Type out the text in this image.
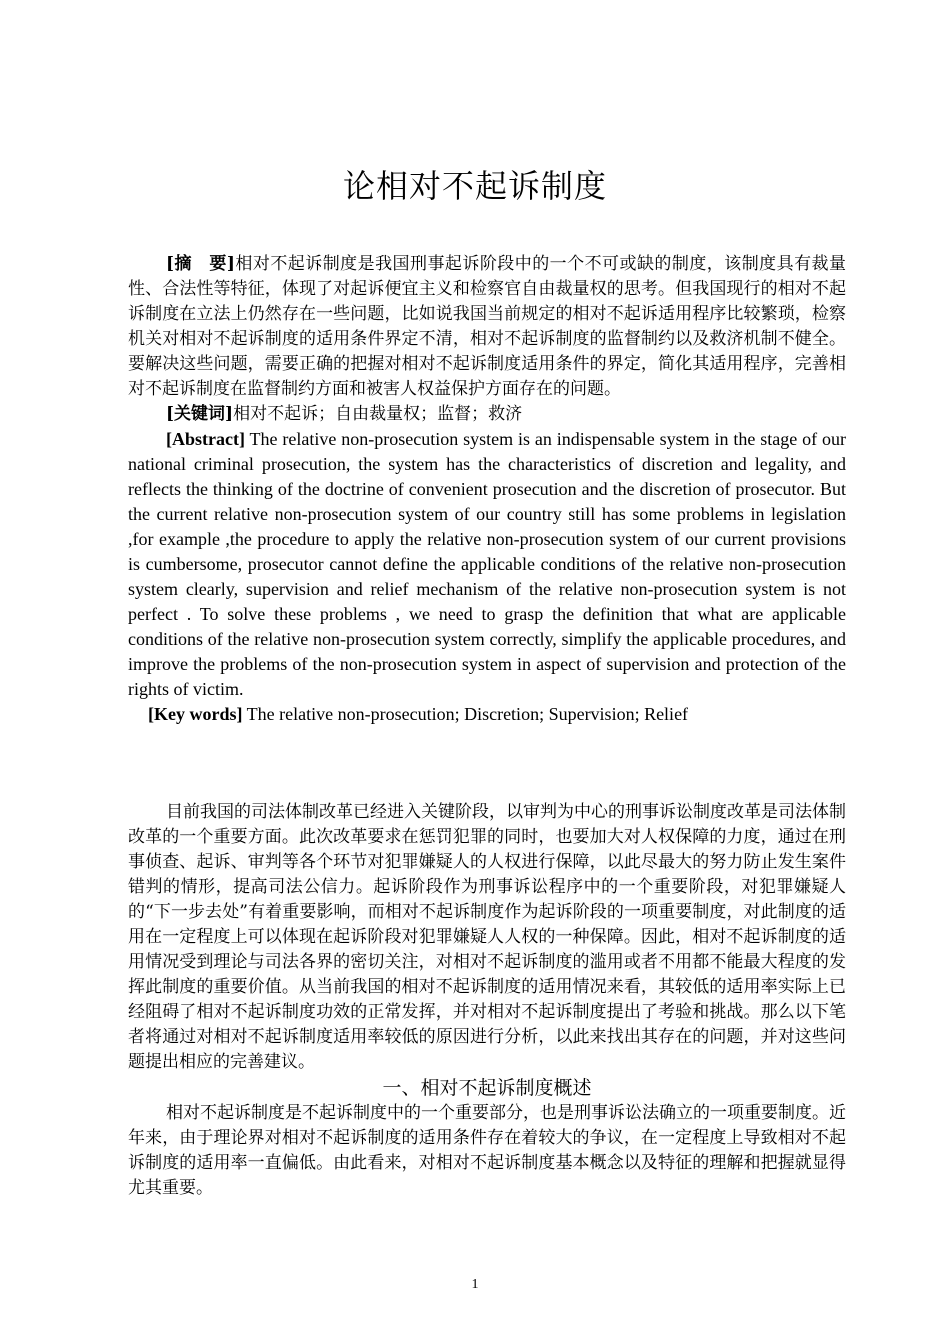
论相对不起诉制度

[摘　要]相对不起诉制度是我国刑事起诉阶段中的一个不可或缺的制度，该制度具有裁量性、合法性等特征，体现了对起诉便宜主义和检察官自由裁量权的思考。但我国现行的相对不起诉制度在立法上仍然存在一些问题，比如说我国当前规定的相对不起诉适用程序比较繁琐，检察机关对相对不起诉制度的适用条件界定不清，相对不起诉制度的监督制约以及救济机制不健全。要解决这些问题，需要正确的把握对相对不起诉制度适用条件的界定，简化其适用程序，完善相对不起诉制度在监督制约方面和被害人权益保护方面存在的问题。

[关键词]相对不起诉；自由裁量权；监督；救济

[Abstract] The relative non-prosecution system is an indispensable system in the stage of our national criminal prosecution, the system has the characteristics of discretion and legality, and reflects the thinking of the doctrine of convenient prosecution and the discretion of prosecutor. But the current relative non-prosecution system of our country still has some problems in legislation ,for example ,the procedure to apply the relative non-prosecution system of our current provisions is cumbersome, prosecutor cannot define the applicable conditions of the relative non-prosecution system clearly, supervision and relief mechanism of the relative non-prosecution system is not perfect . To solve these problems , we need to grasp the definition that what are applicable conditions of the relative non-prosecution system correctly, simplify the applicable procedures, and improve the problems of the non-prosecution system in aspect of supervision and protection of the rights of victim.

[Key words] The relative non-prosecution; Discretion; Supervision; Relief

目前我国的司法体制改革已经进入关键阶段，以审判为中心的刑事诉讼制度改革是司法体制改革的一个重要方面。此次改革要求在惩罚犯罪的同时，也要加大对人权保障的力度，通过在刑事侦查、起诉、审判等各个环节对犯罪嫌疑人的人权进行保障，以此尽最大的努力防止发生案件错判的情形，提高司法公信力。起诉阶段作为刑事诉讼程序中的一个重要阶段，对犯罪嫌疑人的“下一步去处”有着重要影响，而相对不起诉制度作为起诉阶段的一项重要制度，对此制度的适用在一定程度上可以体现在起诉阶段对犯罪嫌疑人人权的一种保障。因此，相对不起诉制度的适用情况受到理论与司法各界的密切关注，对相对不起诉制度的滥用或者不用都不能最大程度的发挥此制度的重要价值。从当前我国的相对不起诉制度的适用情况来看，其较低的适用率实际上已经阻碍了相对不起诉制度功效的正常发挥，并对相对不起诉制度提出了考验和挑战。那么以下笔者将通过对相对不起诉制度适用率较低的原因进行分析，以此来找出其存在的问题，并对这些问题提出相应的完善建议。

一、相对不起诉制度概述

相对不起诉制度是不起诉制度中的一个重要部分，也是刑事诉讼法确立的一项重要制度。近年来，由于理论界对相对不起诉制度的适用条件存在着较大的争议，在一定程度上导致相对不起诉制度的适用率一直偏低。由此看来，对相对不起诉制度基本概念以及特征的理解和把握就显得尤其重要。

1
